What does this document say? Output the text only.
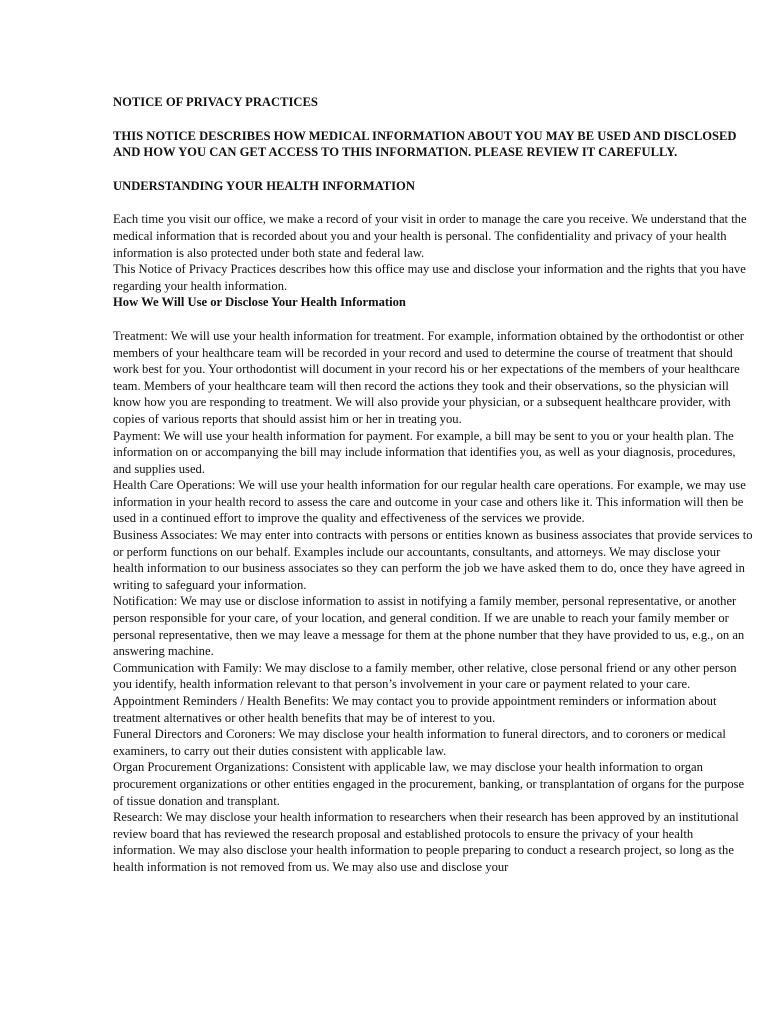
NOTICE OF PRIVACY PRACTICES

THIS NOTICE DESCRIBES HOW MEDICAL INFORMATION ABOUT YOU MAY BE USED AND DISCLOSED AND HOW YOU CAN GET ACCESS TO THIS INFORMATION. PLEASE REVIEW IT CAREFULLY.

UNDERSTANDING YOUR HEALTH INFORMATION

Each time you visit our office, we make a record of your visit in order to manage the care you receive. We understand that the medical information that is recorded about you and your health is personal. The confidentiality and privacy of your health information is also protected under both state and federal law.

This Notice of Privacy Practices describes how this office may use and disclose your information and the rights that you have regarding your health information.

How We Will Use or Disclose Your Health Information

Treatment: We will use your health information for treatment. For example, information obtained by the orthodontist or other members of your healthcare team will be recorded in your record and used to determine the course of treatment that should work best for you. Your orthodontist will document in your record his or her expectations of the members of your healthcare team. Members of your healthcare team will then record the actions they took and their observations, so the physician will know how you are responding to treatment. We will also provide your physician, or a subsequent healthcare provider, with copies of various reports that should assist him or her in treating you.

Payment: We will use your health information for payment. For example, a bill may be sent to you or your health plan. The information on or accompanying the bill may include information that identifies you, as well as your diagnosis, procedures, and supplies used.

Health Care Operations: We will use your health information for our regular health care operations. For example, we may use information in your health record to assess the care and outcome in your case and others like it. This information will then be used in a continued effort to improve the quality and effectiveness of the services we provide.

Business Associates: We may enter into contracts with persons or entities known as business associates that provide services to or perform functions on our behalf. Examples include our accountants, consultants, and attorneys. We may disclose your health information to our business associates so they can perform the job we have asked them to do, once they have agreed in writing to safeguard your information.

Notification: We may use or disclose information to assist in notifying a family member, personal representative, or another person responsible for your care, of your location, and general condition. If we are unable to reach your family member or personal representative, then we may leave a message for them at the phone number that they have provided to us, e.g., on an answering machine.

Communication with Family: We may disclose to a family member, other relative, close personal friend or any other person you identify, health information relevant to that person’s involvement in your care or payment related to your care.

Appointment Reminders / Health Benefits: We may contact you to provide appointment reminders or information about treatment alternatives or other health benefits that may be of interest to you.

Funeral Directors and Coroners: We may disclose your health information to funeral directors, and to coroners or medical examiners, to carry out their duties consistent with applicable law.

Organ Procurement Organizations: Consistent with applicable law, we may disclose your health information to organ procurement organizations or other entities engaged in the procurement, banking, or transplantation of organs for the purpose of tissue donation and transplant.

Research: We may disclose your health information to researchers when their research has been approved by an institutional review board that has reviewed the research proposal and established protocols to ensure the privacy of your health information. We may also disclose your health information to people preparing to conduct a research project, so long as the health information is not removed from us. We may also use and disclose your
